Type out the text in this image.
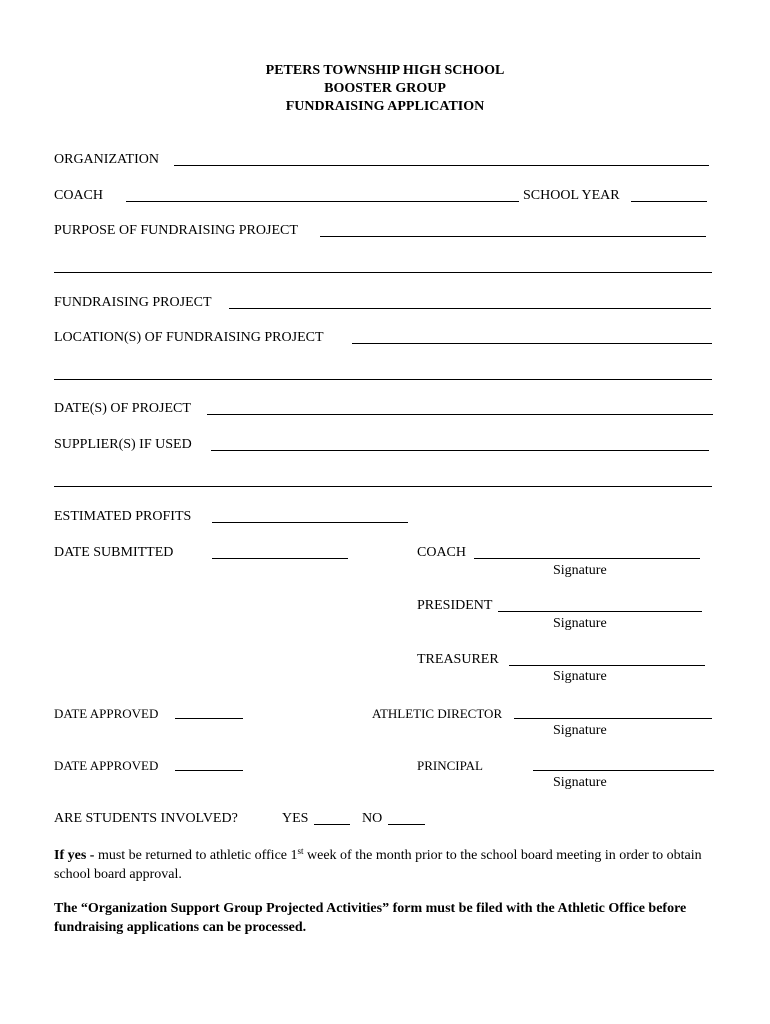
PETERS TOWNSHIP HIGH SCHOOL
BOOSTER GROUP
FUNDRAISING APPLICATION
ORGANIZATION
COACH	SCHOOL YEAR
PURPOSE OF FUNDRAISING PROJECT
FUNDRAISING PROJECT
LOCATION(S) OF FUNDRAISING PROJECT
DATE(S) OF PROJECT
SUPPLIER(S) IF USED
ESTIMATED PROFITS
DATE SUBMITTED	COACH
Signature
PRESIDENT
Signature
TREASURER
Signature
DATE APPROVED	ATHLETIC DIRECTOR
Signature
DATE APPROVED	PRINCIPAL
Signature
ARE STUDENTS INVOLVED?	YES	NO
If yes - must be returned to athletic office 1st week of the month prior to the school board meeting in order to obtain school board approval.
The “Organization Support Group Projected Activities” form must be filed with the Athletic Office before fundraising applications can be processed.
